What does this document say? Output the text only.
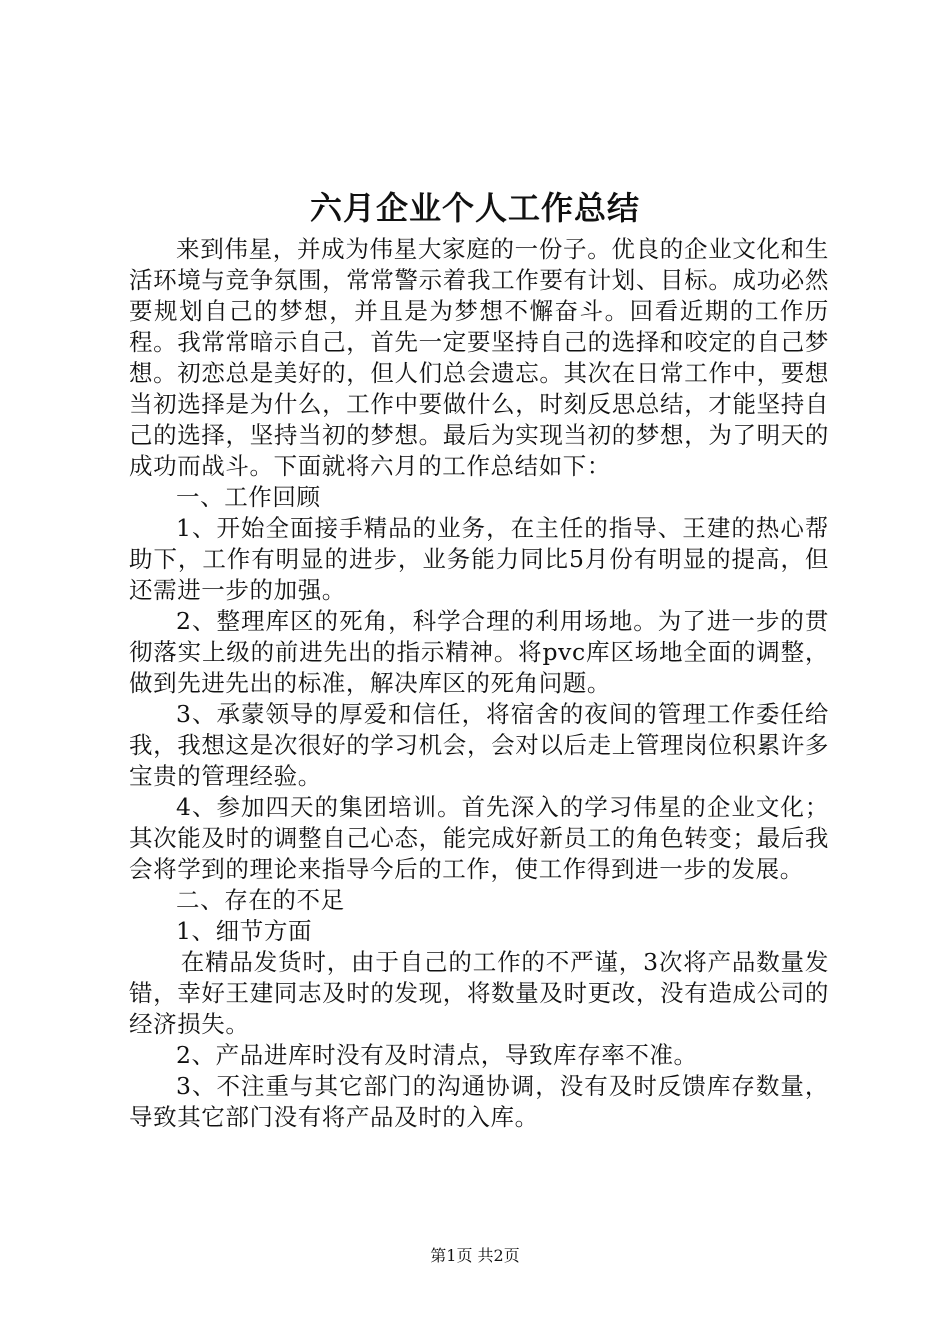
六月企业个人工作总结

来到伟星，并成为伟星大家庭的一份子。优良的企业文化和生活环境与竞争氛围，常常警示着我工作要有计划、目标。成功必然要规划自己的梦想，并且是为梦想不懈奋斗。回看近期的工作历程。我常常暗示自己，首先一定要坚持自己的选择和咬定的自己梦想。初恋总是美好的，但人们总会遗忘。其次在日常工作中，要想当初选择是为什么，工作中要做什么，时刻反思总结，才能坚持自己的选择，坚持当初的梦想。最后为实现当初的梦想，为了明天的成功而战斗。下面就将六月的工作总结如下：

一、工作回顾

1、开始全面接手精品的业务，在主任的指导、王建的热心帮助下，工作有明显的进步，业务能力同比5月份有明显的提高，但还需进一步的加强。

2、整理库区的死角，科学合理的利用场地。为了进一步的贯彻落实上级的前进先出的指示精神。将pvc库区场地全面的调整，做到先进先出的标准，解决库区的死角问题。

3、承蒙领导的厚爱和信任，将宿舍的夜间的管理工作委任给我，我想这是次很好的学习机会，会对以后走上管理岗位积累许多宝贵的管理经验。

4、参加四天的集团培训。首先深入的学习伟星的企业文化；其次能及时的调整自己心态，能完成好新员工的角色转变；最后我会将学到的理论来指导今后的工作，使工作得到进一步的发展。

二、存在的不足

1、细节方面

在精品发货时，由于自己的工作的不严谨，3次将产品数量发错，幸好王建同志及时的发现，将数量及时更改，没有造成公司的经济损失。

2、产品进库时没有及时清点，导致库存率不准。

3、不注重与其它部门的沟通协调，没有及时反馈库存数量，导致其它部门没有将产品及时的入库。

第1页 共2页
